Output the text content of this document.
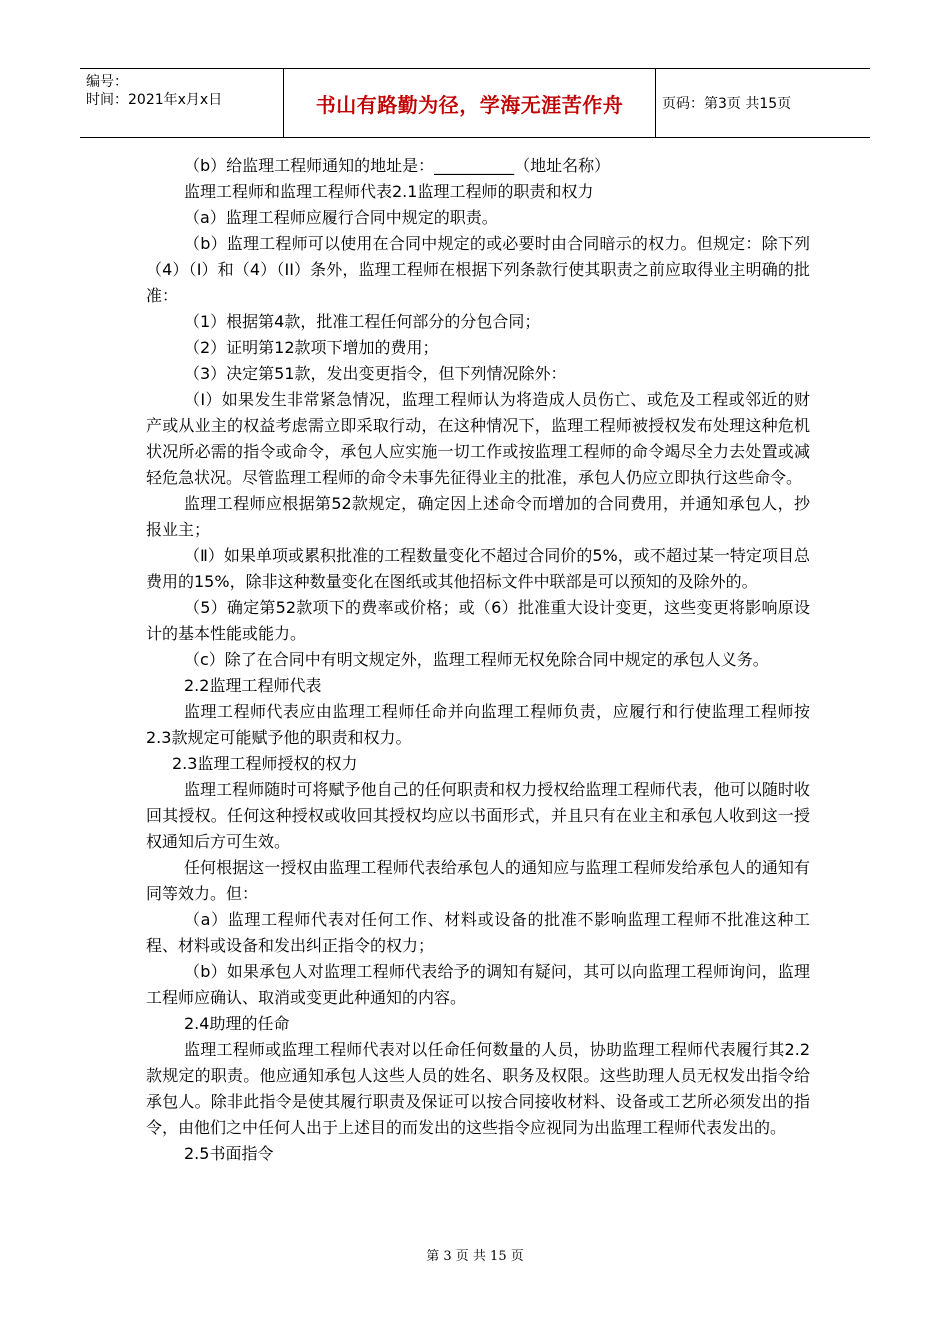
编号：
时间：2021年x月x日	书山有路勤为径，学海无涯苦作舟	页码：第3页 共15页

（b）给监理工程师通知的地址是：__________（地址名称）

监理工程师和监理工程师代表2.1监理工程师的职责和权力

（a）监理工程师应履行合同中规定的职责。

（b）监理工程师可以使用在合同中规定的或必要时由合同暗示的权力。但规定：除下列（4）（I）和（4）（II）条外，监理工程师在根据下列条款行使其职责之前应取得业主明确的批准：

（1）根据第4款，批准工程任何部分的分包合同；

（2）证明第12款项下增加的费用；

（3）决定第51款，发出变更指令，但下列情况除外：

（I）如果发生非常紧急情况，监理工程师认为将造成人员伤亡、或危及工程或邻近的财产或从业主的权益考虑需立即采取行动，在这种情况下，监理工程师被授权发布处理这种危机状况所必需的指令或命令，承包人应实施一切工作或按监理工程师的命令竭尽全力去处置或减轻危急状况。尽管监理工程师的命令未事先征得业主的批准，承包人仍应立即执行这些命令。

监理工程师应根据第52款规定，确定因上述命令而增加的合同费用，并通知承包人，抄报业主；

（Ⅱ）如果单项或累积批准的工程数量变化不超过合同价的5%，或不超过某一特定项目总费用的15%，除非这种数量变化在图纸或其他招标文件中联部是可以预知的及除外的。

（5）确定第52款项下的费率或价格；或（6）批准重大设计变更，这些变更将影响原设计的基本性能或能力。

（c）除了在合同中有明文规定外，监理工程师无权免除合同中规定的承包人义务。

2.2监理工程师代表

监理工程师代表应由监理工程师任命并向监理工程师负责，应履行和行使监理工程师按2.3款规定可能赋予他的职责和权力。

2.3监理工程师授权的权力

监理工程师随时可将赋予他自己的任何职责和权力授权给监理工程师代表，他可以随时收回其授权。任何这种授权或收回其授权均应以书面形式，并且只有在业主和承包人收到这一授权通知后方可生效。

任何根据这一授权由监理工程师代表给承包人的通知应与监理工程师发给承包人的通知有同等效力。但：

（a）监理工程师代表对任何工作、材料或设备的批准不影响监理工程师不批准这种工程、材料或设备和发出纠正指令的权力；

（b）如果承包人对监理工程师代表给予的调知有疑问，其可以向监理工程师询问，监理工程师应确认、取消或变更此种通知的内容。

2.4助理的任命

监理工程师或监理工程师代表对以任命任何数量的人员，协助监理工程师代表履行其2.2款规定的职责。他应通知承包人这些人员的姓名、职务及权限。这些助理人员无权发出指令给承包人。除非此指令是使其履行职责及保证可以按合同接收材料、设备或工艺所必须发出的指令，由他们之中任何人出于上述目的而发出的这些指令应视同为出监理工程师代表发出的。

2.5书面指令

第 3 页 共 15 页
